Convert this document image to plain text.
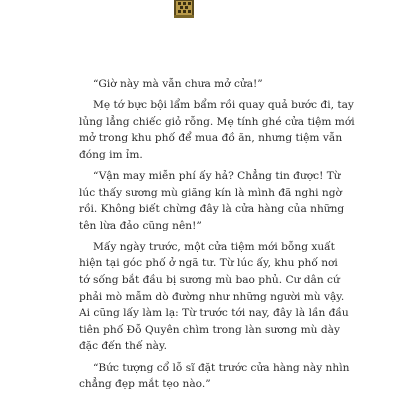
“Giờ này mà vẫn chưa mở cửa!”
Mẹ tớ bực bội lẩm bẩm rồi quay quả bước đi, tay
lủng lẳng chiếc giỏ rỗng. Mẹ tính ghé cửa tiệm mới
mở trong khu phố để mua đồ ăn, nhưng tiệm vẫn
đóng im ỉm.
“Vận may miễn phí ấy hả? Chẳng tin được! Từ
lúc thấy sương mù giăng kín là mình đã nghi ngờ
rồi. Không biết chừng đây là cửa hàng của những
tên lừa đảo cũng nên!”
Mấy ngày trước, một cửa tiệm mới bỗng xuất
hiện tại góc phố ở ngã tư. Từ lúc ấy, khu phố nơi
tớ sống bắt đầu bị sương mù bao phủ. Cư dân cứ
phải mò mẫm dò đường như những người mù vậy.
Ai cũng lấy làm lạ: Từ trước tới nay, đây là lần đầu
tiên phố Đỗ Quyên chìm trong làn sương mù dày
đặc đến thế này.
“Bức tượng cổ lỗ sĩ đặt trước cửa hàng này nhìn
chẳng đẹp mắt tẹo nào.”
